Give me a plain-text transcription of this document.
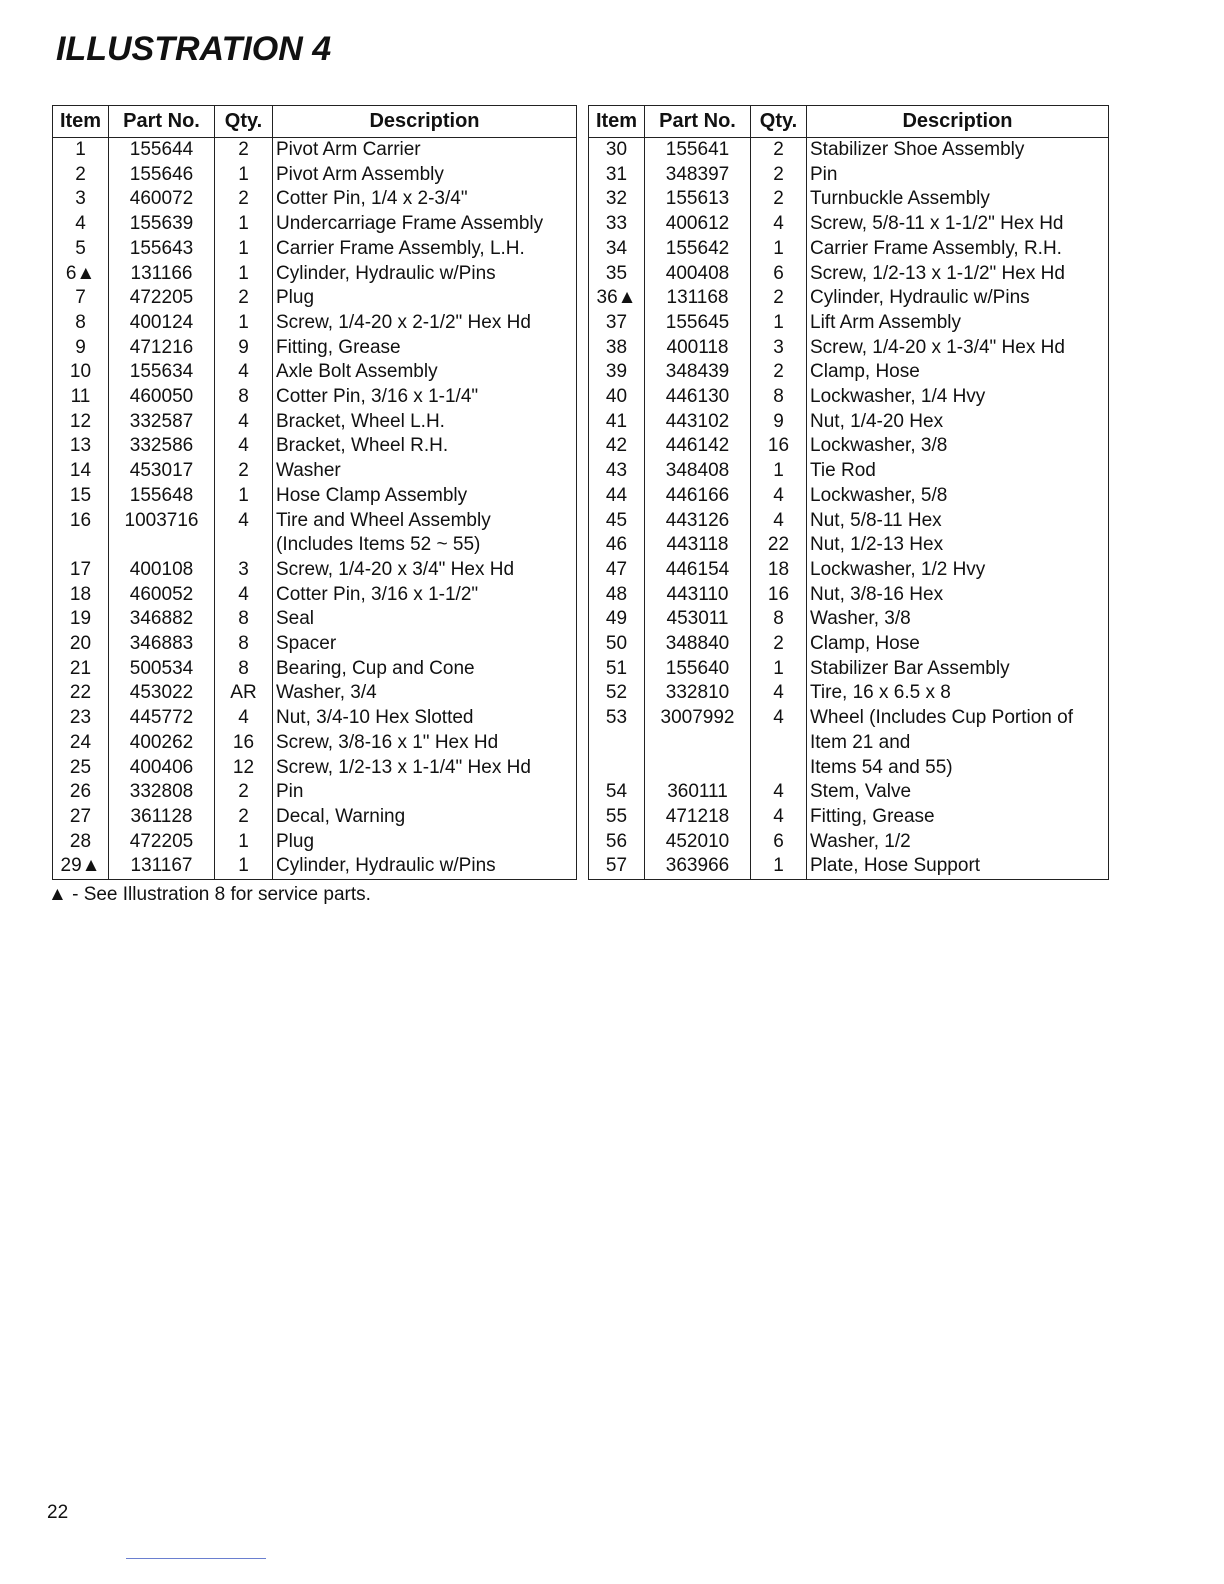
ILLUSTRATION 4
Item	Part No.	Qty.	Description
1	155644	2	Pivot Arm Carrier
2	155646	1	Pivot Arm Assembly
3	460072	2	Cotter Pin, 1/4 x 2-3/4"
4	155639	1	Undercarriage Frame Assembly
5	155643	1	Carrier Frame Assembly, L.H.
6▲	131166	1	Cylinder, Hydraulic w/Pins
7	472205	2	Plug
8	400124	1	Screw, 1/4-20 x 2-1/2" Hex Hd
9	471216	9	Fitting, Grease
10	155634	4	Axle Bolt Assembly
11	460050	8	Cotter Pin, 3/16 x 1-1/4"
12	332587	4	Bracket, Wheel L.H.
13	332586	4	Bracket, Wheel R.H.
14	453017	2	Washer
15	155648	1	Hose Clamp Assembly
16	1003716	4	Tire and Wheel Assembly
			(Includes Items 52 ~ 55)
17	400108	3	Screw, 1/4-20 x 3/4" Hex Hd
18	460052	4	Cotter Pin, 3/16 x 1-1/2"
19	346882	8	Seal
20	346883	8	Spacer
21	500534	8	Bearing, Cup and Cone
22	453022	AR	Washer, 3/4
23	445772	4	Nut, 3/4-10 Hex Slotted
24	400262	16	Screw, 3/8-16 x 1" Hex Hd
25	400406	12	Screw, 1/2-13 x 1-1/4" Hex Hd
26	332808	2	Pin
27	361128	2	Decal, Warning
28	472205	1	Plug
29▲	131167	1	Cylinder, Hydraulic w/Pins
Item	Part No.	Qty.	Description
30	155641	2	Stabilizer Shoe Assembly
31	348397	2	Pin
32	155613	2	Turnbuckle Assembly
33	400612	4	Screw, 5/8-11 x 1-1/2" Hex Hd
34	155642	1	Carrier Frame Assembly, R.H.
35	400408	6	Screw, 1/2-13 x 1-1/2" Hex Hd
36▲	131168	2	Cylinder, Hydraulic w/Pins
37	155645	1	Lift Arm Assembly
38	400118	3	Screw, 1/4-20 x 1-3/4" Hex Hd
39	348439	2	Clamp, Hose
40	446130	8	Lockwasher, 1/4 Hvy
41	443102	9	Nut, 1/4-20 Hex
42	446142	16	Lockwasher, 3/8
43	348408	1	Tie Rod
44	446166	4	Lockwasher, 5/8
45	443126	4	Nut, 5/8-11 Hex
46	443118	22	Nut, 1/2-13 Hex
47	446154	18	Lockwasher, 1/2 Hvy
48	443110	16	Nut, 3/8-16 Hex
49	453011	8	Washer, 3/8
50	348840	2	Clamp, Hose
51	155640	1	Stabilizer Bar Assembly
52	332810	4	Tire, 16 x 6.5 x 8
53	3007992	4	Wheel (Includes Cup Portion of
			Item 21 and
			Items 54 and 55)
54	360111	4	Stem, Valve
55	471218	4	Fitting, Grease
56	452010	6	Washer, 1/2
57	363966	1	Plate, Hose Support
▲ - See Illustration 8 for service parts.
22
